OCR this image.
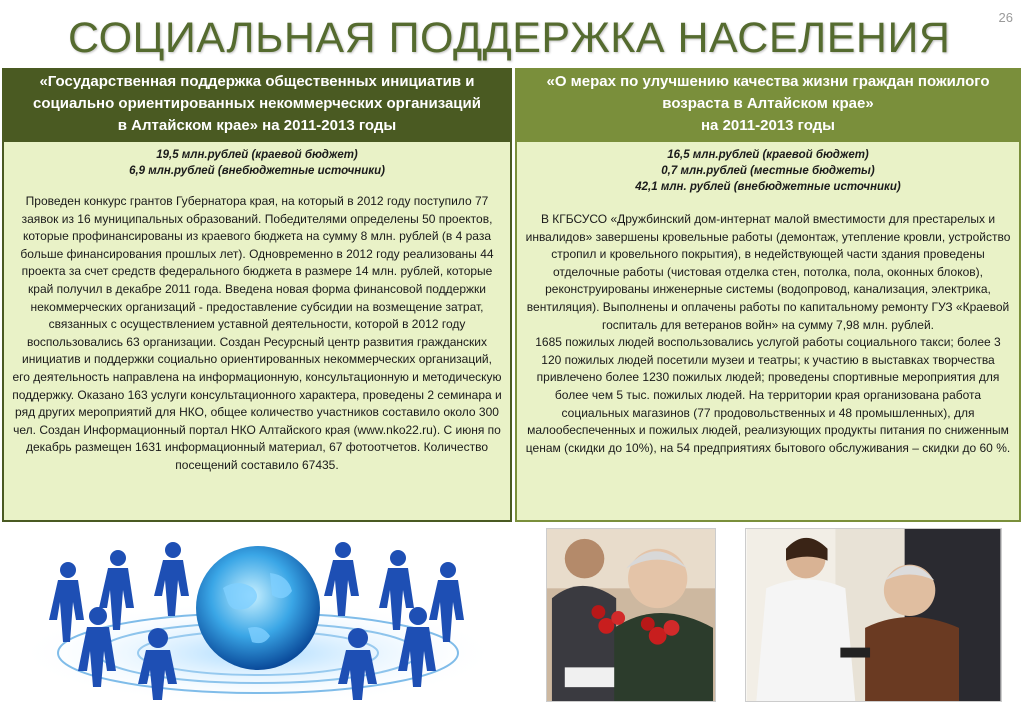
СОЦИАЛЬНАЯ ПОДДЕРЖКА НАСЕЛЕНИЯ	26
«Государственная поддержка общественных инициатив и
социально ориентированных некоммерческих организаций
в Алтайском крае» на 2011-2013 годы
«О мерах по улучшению качества жизни граждан пожилого
возраста в Алтайском крае»
на 2011-2013 годы
19,5 млн.рублей (краевой бюджет)
6,9 млн.рублей (внебюджетные источники)
Проведен конкурс грантов Губернатора края, на который в 2012 году поступило 77 заявок из 16 муниципальных образований. Победителями определены 50 проектов, которые профинансированы из краевого бюджета на сумму 8 млн. рублей (в 4 раза больше финансирования прошлых лет). Одновременно в 2012 году реализованы 44 проекта за счет средств федерального бюджета в размере 14 млн. рублей, которые край получил в декабре 2011 года. Введена новая форма финансовой поддержки некоммерческих организаций - предоставление субсидии на возмещение затрат, связанных с осуществлением уставной деятельности, которой в 2012 году воспользовались 63 организации. Создан Ресурсный центр развития гражданских инициатив и поддержки социально ориентированных некоммерческих организаций, его деятельность направлена на информационную, консультационную и методическую поддержку. Оказано 163 услуги консультационного характера, проведены 2 семинара и ряд других мероприятий для НКО, общее количество участников составило около 300 чел. Создан Информационный портал НКО Алтайского края (www.nko22.ru). С июня по декабрь размещен 1631 информационный материал, 67 фотоотчетов. Количество посещений составило 67435.
16,5 млн.рублей (краевой бюджет)
0,7 млн.рублей (местные бюджеты)
42,1 млн. рублей (внебюджетные источники)
В КГБСУСО «Дружбинский дом-интернат малой вместимости для престарелых и инвалидов» завершены кровельные работы (демонтаж, утепление кровли, устройство стропил и кровельного покрытия), в недействующей части здания проведены отделочные работы (чистовая отделка стен, потолка, пола, оконных блоков), реконструированы инженерные системы (водопровод, канализация, электрика, вентиляция). Выполнены и оплачены работы по капитальному ремонту ГУЗ «Краевой госпиталь для ветеранов войн» на сумму 7,98 млн. рублей.
1685 пожилых людей воспользовались услугой работы социального такси; более 3 120 пожилых людей посетили музеи и театры; к участию в выставках творчества привлечено более 1230 пожилых людей; проведены спортивные мероприятия для более чем 5 тыс. пожилых людей. На территории края организована работа социальных магазинов (77 продовольственных и 48 промышленных), для малообеспеченных и пожилых людей, реализующих продукты питания по сниженным ценам (скидки до 10%), на 54 предприятиях бытового обслуживания – скидки до 60 %.
